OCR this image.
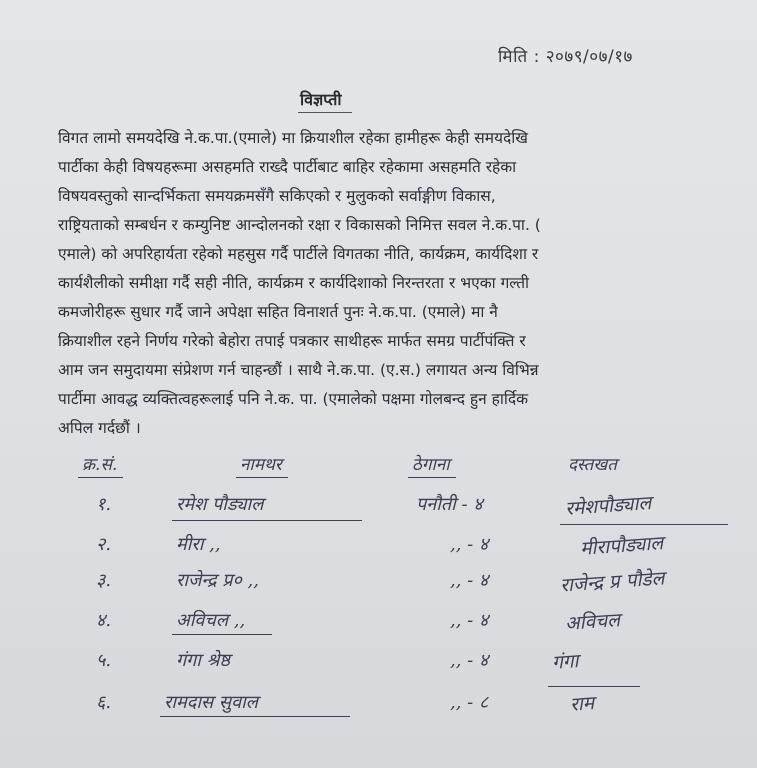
मिति : २०७९/०७/१७
विज्ञप्ती
विगत लामो समयदेखि ने.क.पा.(एमाले) मा क्रियाशील रहेका हामीहरू केही समयदेखि
पार्टीका केही विषयहरूमा असहमति राख्दै पार्टीबाट बाहिर रहेकामा असहमति रहेका
विषयवस्तुको सान्दर्भिकता समयक्रमसँगै सकिएको र मुलुकको सर्वाङ्गीण विकास,
राष्ट्रियताको सम्बर्धन र कम्युनिष्ट आन्दोलनको रक्षा र विकासको निमित्त सवल ने.क.पा. (
एमाले) को अपरिहार्यता रहेको महसुस गर्दै पार्टीले विगतका नीति, कार्यक्रम, कार्यदिशा र
कार्यशैलीको समीक्षा गर्दै सही नीति, कार्यक्रम र कार्यदिशाको निरन्तरता र भएका गल्ती
कमजोरीहरू सुधार गर्दै जाने अपेक्षा सहित विनाशर्त पुनः ने.क.पा. (एमाले) मा नै
क्रियाशील रहने निर्णय गरेको बेहोरा तपाई पत्रकार साथीहरू मार्फत समग्र पार्टीपंक्ति र
आम जन समुदायमा संप्रेशण गर्न चाहन्छौं । साथै ने.क.पा. (ए.स.) लगायत अन्य विभिन्न
पार्टीमा आवद्ध व्यक्तित्वहरूलाई पनि ने.क. पा. (एमालेको पक्षमा गोलबन्द हुन हार्दिक
अपिल गर्दछौं ।
क्र.सं.	नामथर	ठेगाना	दस्तखत
१.	रमेश पौड्याल	पनौती - ४	रमेशपौड्याल
२.	मीरा ,,	,, - ४	मीरापौड्याल
३.	राजेन्द्र प्र० ,,	,, - ४	राजेन्द्र प्र पौडेल
४.	अविचल ,,	,, - ४	अविचल
५.	गंगा श्रेष्ठ	,, - ४	गंगा
६.	रामदास सुवाल	,, - ८	राम
